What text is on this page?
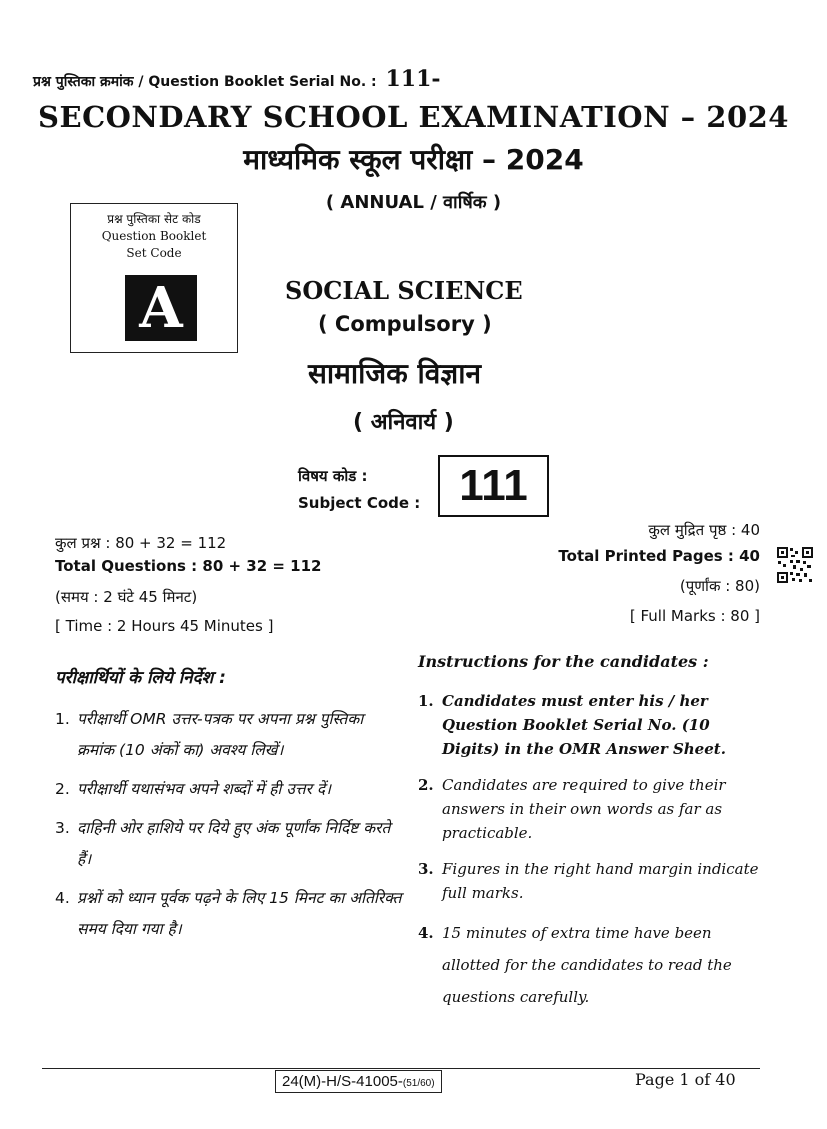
प्रश्न पुस्तिका क्रमांक / Question Booklet Serial No. : 111-
SECONDARY SCHOOL EXAMINATION – 2024
माध्यमिक स्कूल परीक्षा – 2024
( ANNUAL / वार्षिक )
प्रश्न पुस्तिका सेट कोड
Question Booklet
Set Code
A	SOCIAL SCIENCE
( Compulsory )
सामाजिक विज्ञान
( अनिवार्य )
विषय कोड :
Subject Code : 111
कुल प्रश्न : 80 + 32 = 112
Total Questions : 80 + 32 = 112
(समय : 2 घंटे 45 मिनट)
[ Time : 2 Hours 45 Minutes ]
कुल मुद्रित पृष्ठ : 40
Total Printed Pages : 40
(पूर्णांक : 80)
[ Full Marks : 80 ]
परीक्षार्थियों के लिये निर्देश :
1. परीक्षार्थी OMR उत्तर-पत्रक पर अपना प्रश्न पुस्तिका क्रमांक (10 अंकों का) अवश्य लिखें।
2. परीक्षार्थी यथासंभव अपने शब्दों में ही उत्तर दें।
3. दाहिनी ओर हाशिये पर दिये हुए अंक पूर्णांक निर्दिष्ट करते हैं।
4. प्रश्नों को ध्यान पूर्वक पढ़ने के लिए 15 मिनट का अतिरिक्त समय दिया गया है।
Instructions for the candidates :
1. Candidates must enter his / her Question Booklet Serial No. (10 Digits) in the OMR Answer Sheet.
2. Candidates are required to give their answers in their own words as far as practicable.
3. Figures in the right hand margin indicate full marks.
4. 15 minutes of extra time have been allotted for the candidates to read the questions carefully.
24(M)-H/S-41005-(51/60)	Page 1 of 40
